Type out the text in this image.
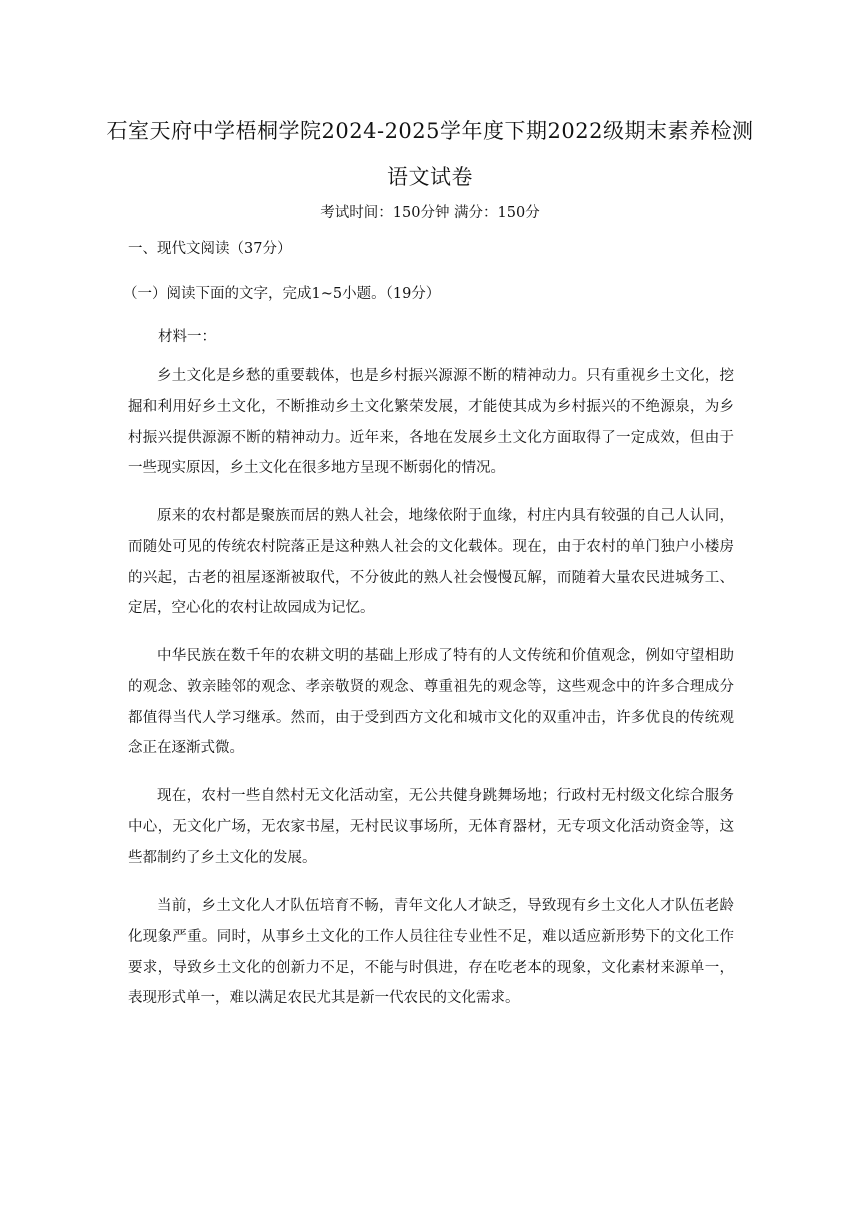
石室天府中学梧桐学院2024-2025学年度下期2022级期末素养检测
语文试卷
考试时间：150分钟 满分：150分
一、现代文阅读（37分）
（一）阅读下面的文字，完成1~5小题。（19分）
材料一：

乡土文化是乡愁的重要载体，也是乡村振兴源源不断的精神动力。只有重视乡土文化，挖掘和利用好乡土文化，不断推动乡土文化繁荣发展，才能使其成为乡村振兴的不绝源泉，为乡村振兴提供源源不断的精神动力。近年来，各地在发展乡土文化方面取得了一定成效，但由于一些现实原因，乡土文化在很多地方呈现不断弱化的情况。

原来的农村都是聚族而居的熟人社会，地缘依附于血缘，村庄内具有较强的自己人认同，而随处可见的传统农村院落正是这种熟人社会的文化载体。现在，由于农村的单门独户小楼房的兴起，古老的祖屋逐渐被取代，不分彼此的熟人社会慢慢瓦解，而随着大量农民进城务工、定居，空心化的农村让故园成为记忆。

中华民族在数千年的农耕文明的基础上形成了特有的人文传统和价值观念，例如守望相助的观念、敦亲睦邻的观念、孝亲敬贤的观念、尊重祖先的观念等，这些观念中的许多合理成分都值得当代人学习继承。然而，由于受到西方文化和城市文化的双重冲击，许多优良的传统观念正在逐渐式微。

现在，农村一些自然村无文化活动室，无公共健身跳舞场地；行政村无村级文化综合服务中心，无文化广场，无农家书屋，无村民议事场所，无体育器材，无专项文化活动资金等，这些都制约了乡土文化的发展。

当前，乡土文化人才队伍培育不畅，青年文化人才缺乏，导致现有乡土文化人才队伍老龄化现象严重。同时，从事乡土文化的工作人员往往专业性不足，难以适应新形势下的文化工作要求，导致乡土文化的创新力不足，不能与时俱进，存在吃老本的现象，文化素材来源单一，表现形式单一，难以满足农民尤其是新一代农民的文化需求。
